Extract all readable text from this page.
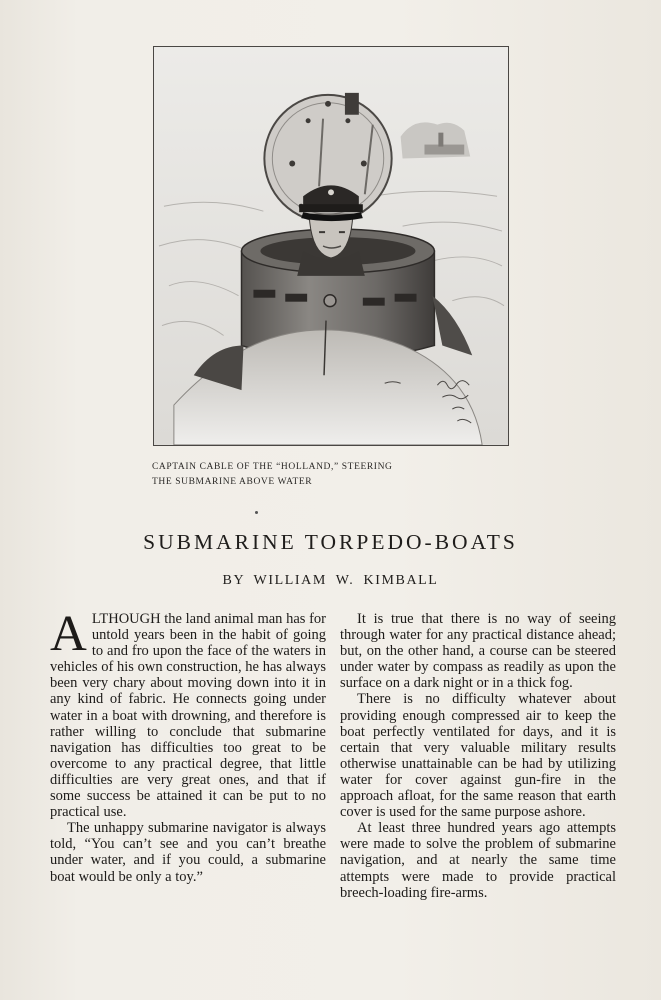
CAPTAIN CABLE OF THE “HOLLAND,” STEERING
THE SUBMARINE ABOVE WATER
SUBMARINE TORPEDO-BOATS
BY WILLIAM W. KIMBALL

ALTHOUGH the land animal man has for untold years been in the habit of going to and fro upon the face of the waters in vehicles of his own construction, he has always been very chary about moving down into it in any kind of fabric. He connects going under water in a boat with drowning, and therefore is rather willing to conclude that submarine navigation has difficulties too great to be overcome to any practical degree, that little difficulties are very great ones, and that if some success be attained it can be put to no practical use.

The unhappy submarine navigator is always told, “You can’t see and you can’t breathe under water, and if you could, a submarine boat would be only a toy.”

It is true that there is no way of seeing through water for any practical distance ahead; but, on the other hand, a course can be steered under water by compass as readily as upon the surface on a dark night or in a thick fog.

There is no difficulty whatever about providing enough compressed air to keep the boat perfectly ventilated for days, and it is certain that very valuable military results otherwise unattainable can be had by utilizing water for cover against gun-fire in the approach afloat, for the same reason that earth cover is used for the same purpose ashore.

At least three hundred years ago attempts were made to solve the problem of submarine navigation, and at nearly the same time attempts were made to provide practical breech-loading fire-arms.
